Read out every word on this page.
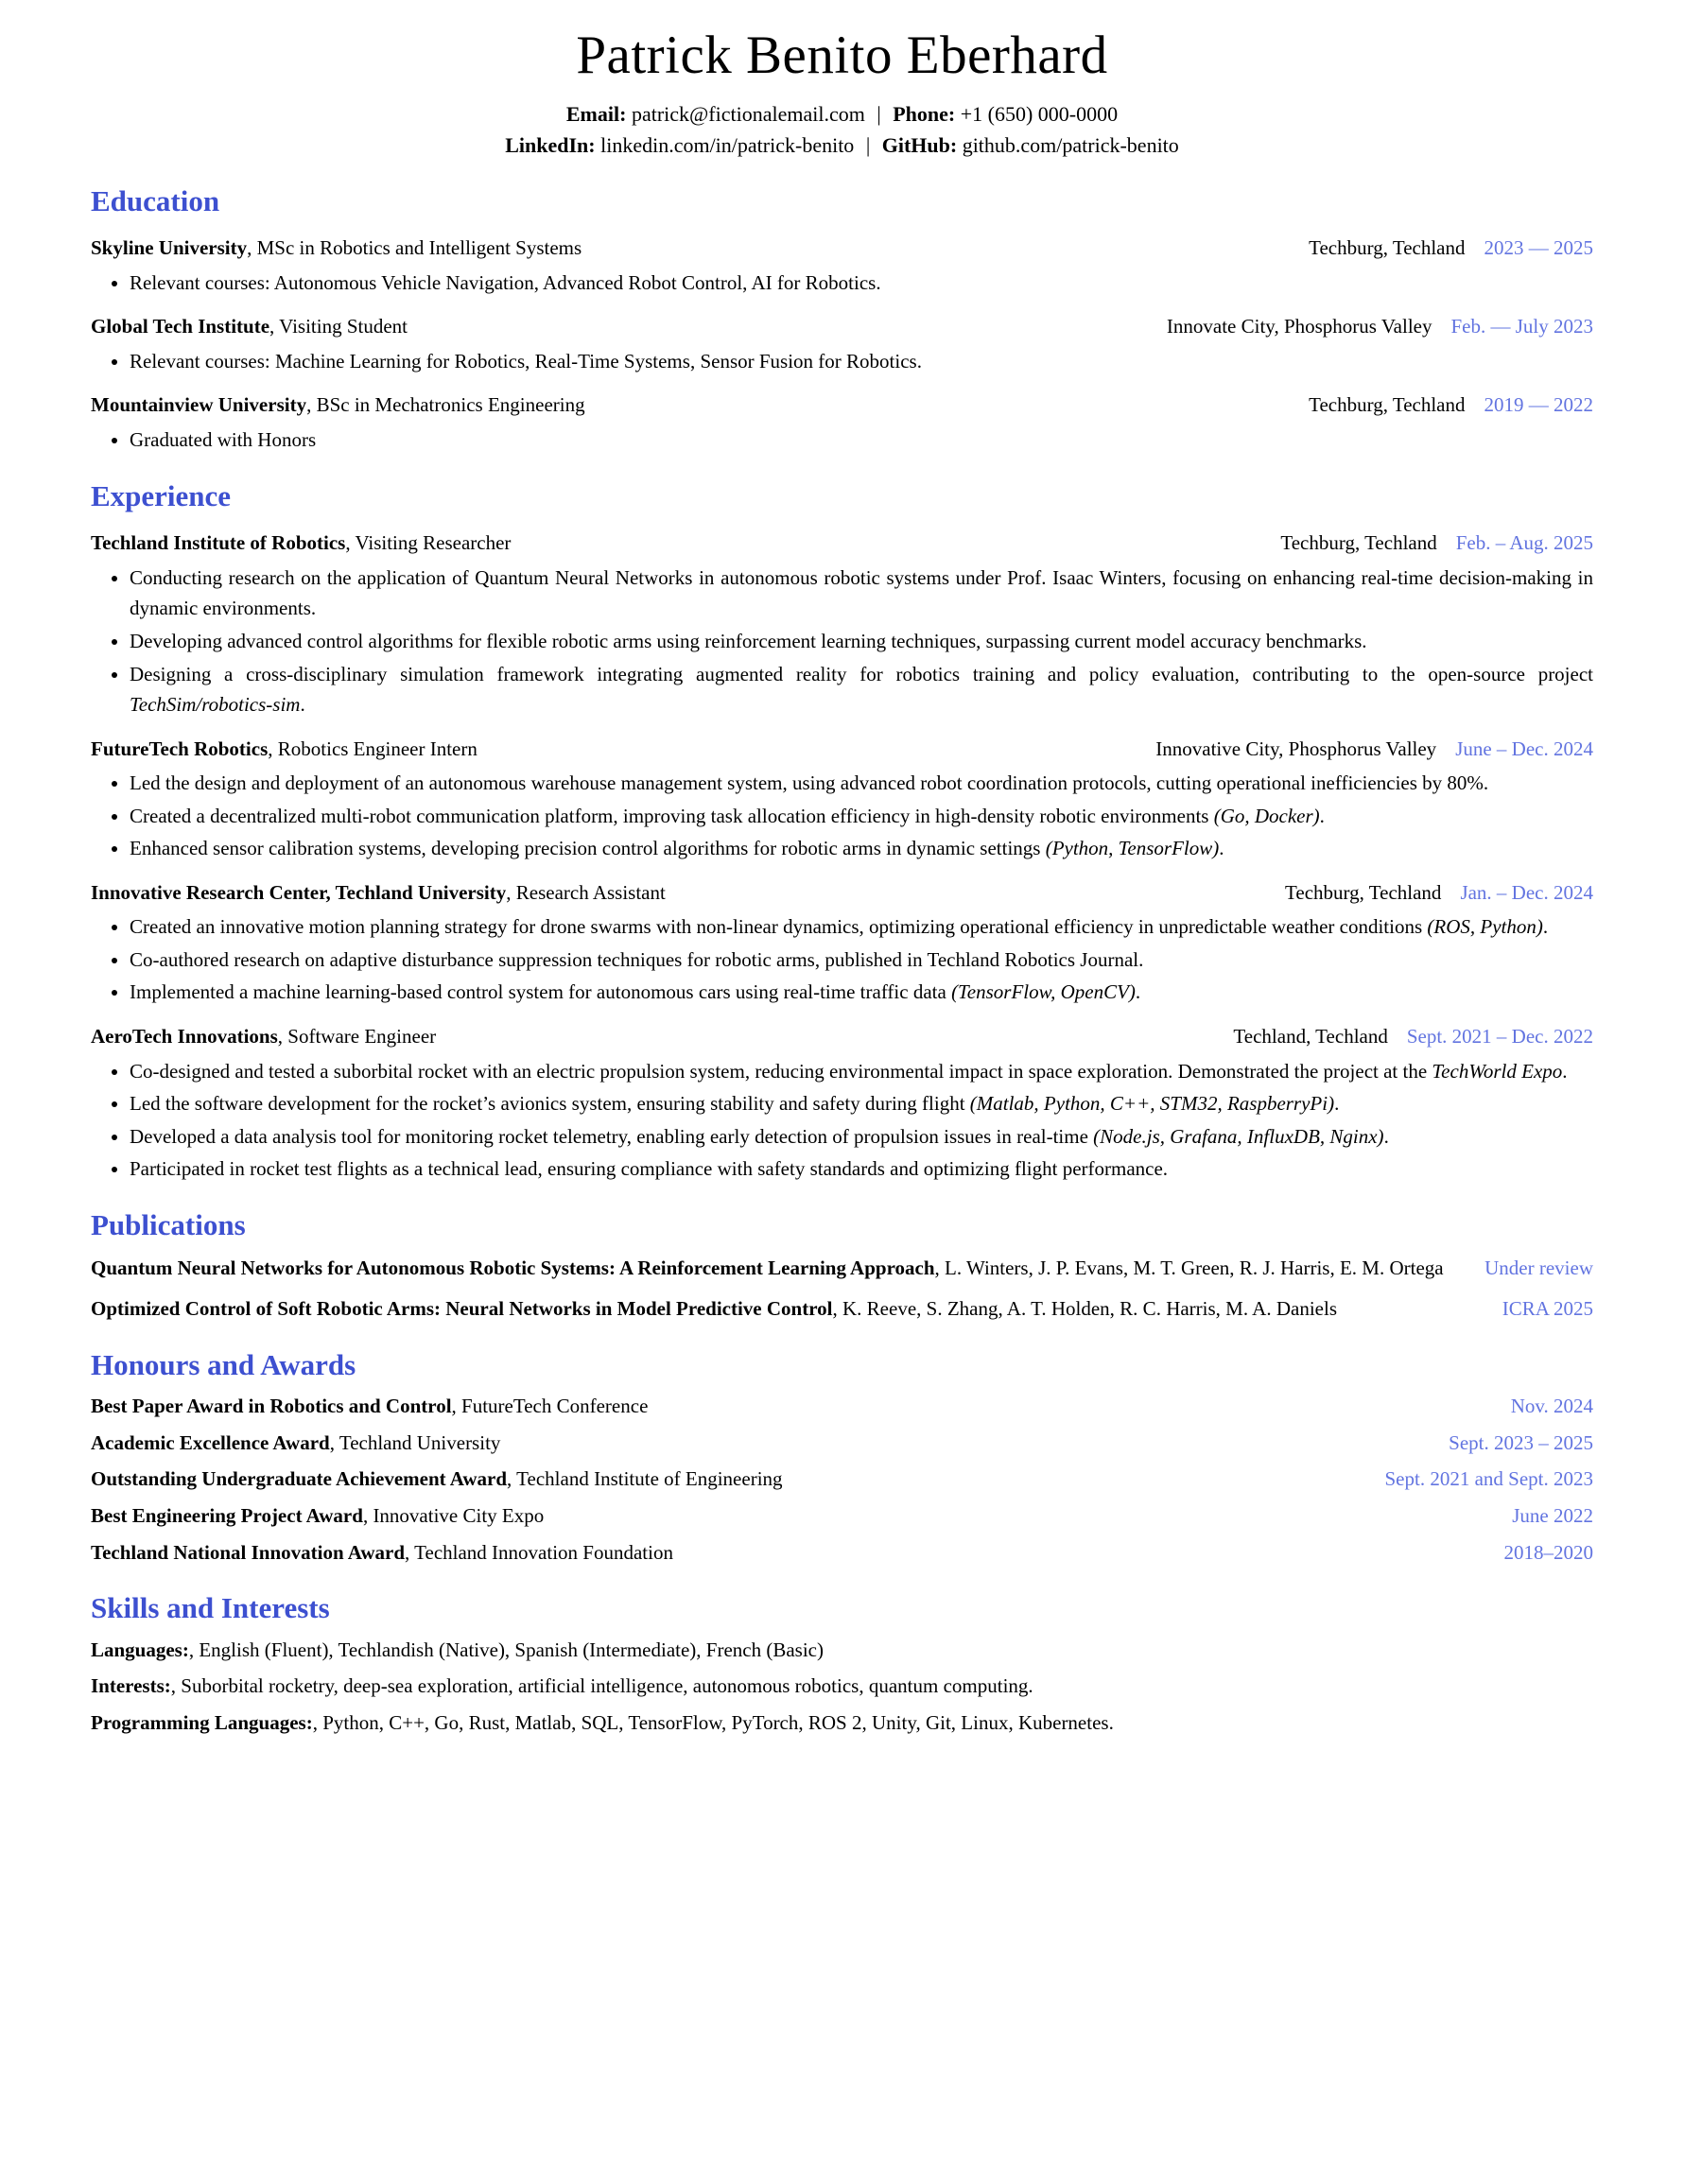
Patrick Benito Eberhard
Email: patrick@fictionalemail.com | Phone: +1 (650) 000-0000
LinkedIn: linkedin.com/in/patrick-benito | GitHub: github.com/patrick-benito
Education
Skyline University, MSc in Robotics and Intelligent Systems	Techburg, Techland 2023 — 2025
• Relevant courses: Autonomous Vehicle Navigation, Advanced Robot Control, AI for Robotics.
Global Tech Institute, Visiting Student	Innovate City, Phosphorus Valley Feb. — July 2023
• Relevant courses: Machine Learning for Robotics, Real-Time Systems, Sensor Fusion for Robotics.
Mountainview University, BSc in Mechatronics Engineering	Techburg, Techland 2019 — 2022
• Graduated with Honors
Experience
Techland Institute of Robotics, Visiting Researcher	Techburg, Techland Feb. – Aug. 2025
• Conducting research on the application of Quantum Neural Networks in autonomous robotic systems under Prof. Isaac Winters, focusing on enhancing real-time decision-making in dynamic environments.
• Developing advanced control algorithms for flexible robotic arms using reinforcement learning techniques, surpassing current model accuracy benchmarks.
• Designing a cross-disciplinary simulation framework integrating augmented reality for robotics training and policy evaluation, contributing to the open-source project TechSim/robotics-sim.
FutureTech Robotics, Robotics Engineer Intern	Innovative City, Phosphorus Valley June – Dec. 2024
• Led the design and deployment of an autonomous warehouse management system, using advanced robot coordination protocols, cutting operational inefficiencies by 80%.
• Created a decentralized multi-robot communication platform, improving task allocation efficiency in high-density robotic environments (Go, Docker).
• Enhanced sensor calibration systems, developing precision control algorithms for robotic arms in dynamic settings (Python, TensorFlow).
Innovative Research Center, Techland University, Research Assistant	Techburg, Techland Jan. – Dec. 2024
• Created an innovative motion planning strategy for drone swarms with non-linear dynamics, optimizing operational efficiency in unpredictable weather conditions (ROS, Python).
• Co-authored research on adaptive disturbance suppression techniques for robotic arms, published in Techland Robotics Journal.
• Implemented a machine learning-based control system for autonomous cars using real-time traffic data (TensorFlow, OpenCV).
AeroTech Innovations, Software Engineer	Techland, Techland Sept. 2021 – Dec. 2022
• Co-designed and tested a suborbital rocket with an electric propulsion system, reducing environmental impact in space exploration. Demonstrated the project at the TechWorld Expo.
• Led the software development for the rocket’s avionics system, ensuring stability and safety during flight (Matlab, Python, C++, STM32, RaspberryPi).
• Developed a data analysis tool for monitoring rocket telemetry, enabling early detection of propulsion issues in real-time (Node.js, Grafana, InfluxDB, Nginx).
• Participated in rocket test flights as a technical lead, ensuring compliance with safety standards and optimizing flight performance.
Publications

Quantum Neural Networks for Autonomous Robotic Systems: A Reinforcement Learning Approach, L. Winters, J. P. Evans, M. T. Green, R. J. Harris, E. M. Ortega	Under review

Optimized Control of Soft Robotic Arms: Neural Networks in Model Predictive Control, K. Reeve, S. Zhang, A. T. Holden, R. C. Harris, M. A. Daniels	ICRA 2025
Honours and Awards
Best Paper Award in Robotics and Control, FutureTech Conference	Nov. 2024
Academic Excellence Award, Techland University	Sept. 2023 – 2025
Outstanding Undergraduate Achievement Award, Techland Institute of Engineering	Sept. 2021 and Sept. 2023
Best Engineering Project Award, Innovative City Expo	June 2022
Techland National Innovation Award, Techland Innovation Foundation	2018–2020
Skills and Interests

Languages:, English (Fluent), Techlandish (Native), Spanish (Intermediate), French (Basic)

Interests:, Suborbital rocketry, deep-sea exploration, artificial intelligence, autonomous robotics, quantum computing.

Programming Languages:, Python, C++, Go, Rust, Matlab, SQL, TensorFlow, PyTorch, ROS 2, Unity, Git, Linux, Kubernetes.
